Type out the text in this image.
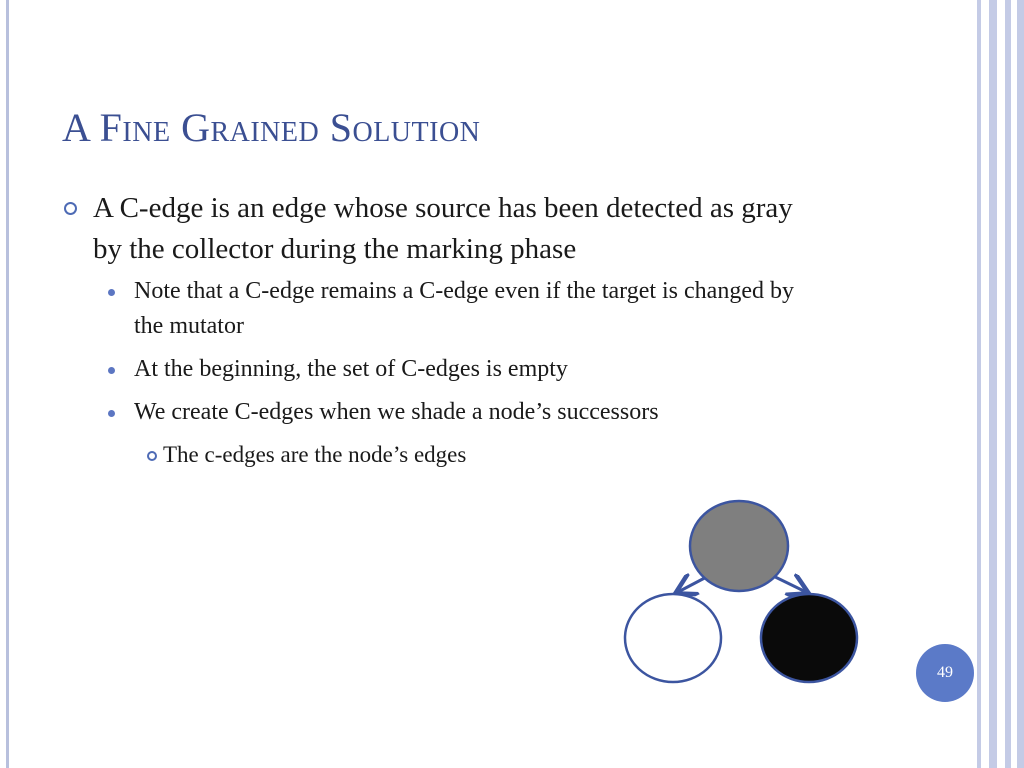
A Fine Grained Solution

A C-edge is an edge whose source has been detected as gray by the collector during the marking phase

Note that a C-edge remains a C-edge even if the target is changed by the mutator

At the beginning, the set of C-edges is empty

We create C-edges when we shade a node’s successors

The c-edges are the node’s edges

49
